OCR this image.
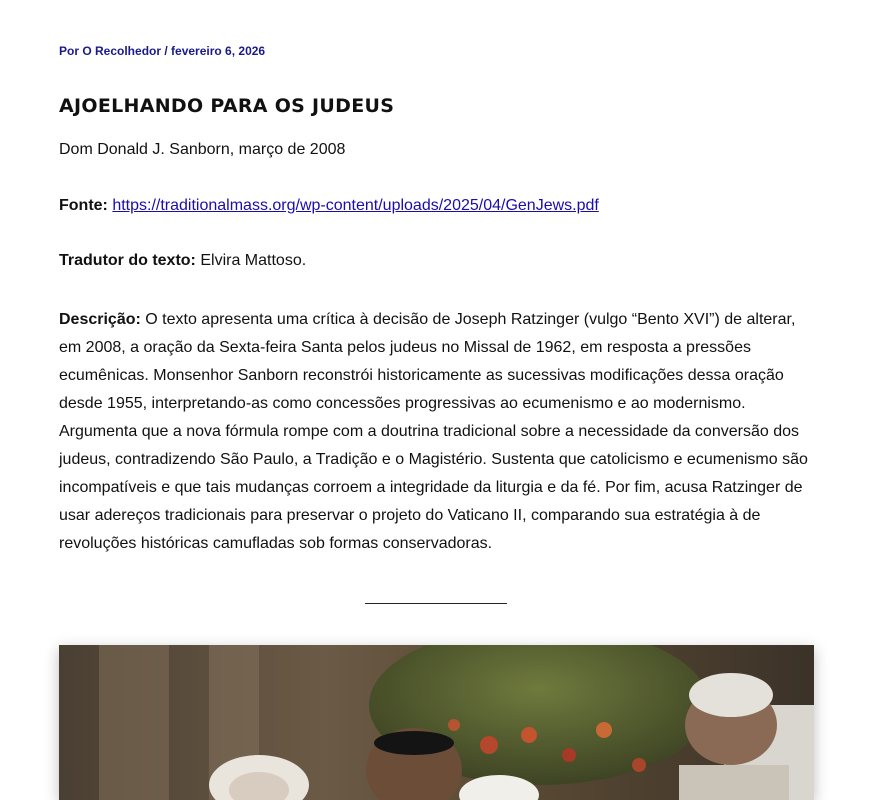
Por O Recolhedor / fevereiro 6, 2026
AJOELHANDO PARA OS JUDEUS

Dom Donald J. Sanborn, março de 2008

Fonte: https://traditionalmass.org/wp-content/uploads/2025/04/GenJews.pdf

Tradutor do texto: Elvira Mattoso.

Descrição: O texto apresenta uma crítica à decisão de Joseph Ratzinger (vulgo “Bento XVI”) de alterar, em 2008, a oração da Sexta-feira Santa pelos judeus no Missal de 1962, em resposta a pressões ecumênicas. Monsenhor Sanborn reconstrói historicamente as sucessivas modificações dessa oração desde 1955, interpretando-as como concessões progressivas ao ecumenismo e ao modernismo. Argumenta que a nova fórmula rompe com a doutrina tradicional sobre a necessidade da conversão dos judeus, contradizendo São Paulo, a Tradição e o Magistério. Sustenta que catolicismo e ecumenismo são incompatíveis e que tais mudanças corroem a integridade da liturgia e da fé. Por fim, acusa Ratzinger de usar adereços tradicionais para preservar o projeto do Vaticano II, comparando sua estratégia à de revoluções históricas camufladas sob formas conservadoras.
